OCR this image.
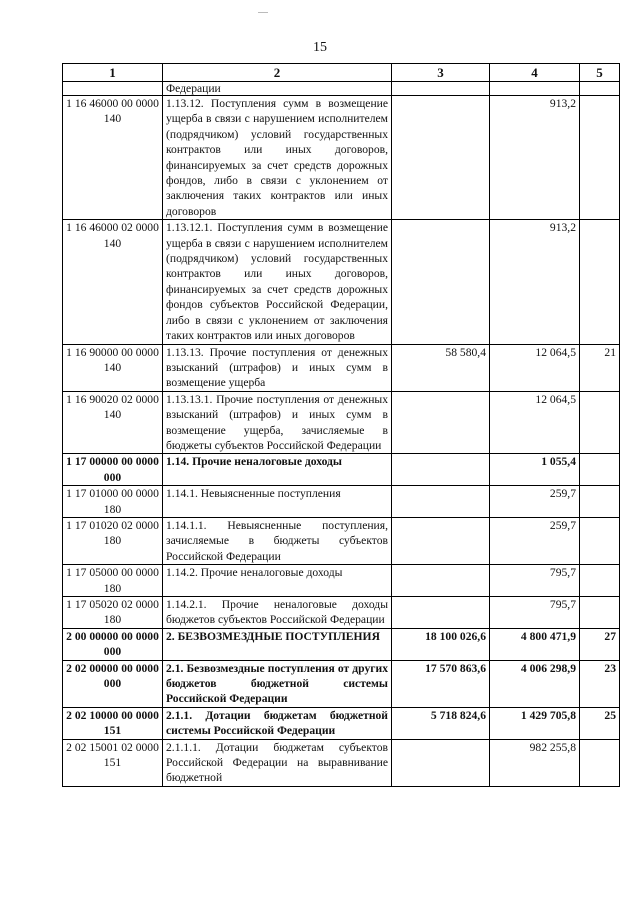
15
1	2	3	4	5
	Федерации			
1 16 46000 00 0000 140	1.13.12. Поступления сумм в возмещение ущерба в связи с нарушением исполнителем (подрядчиком) условий государственных контрактов или иных договоров, финансируемых за счет средств дорожных фондов, либо в связи с уклонением от заключения таких контрактов или иных договоров		913,2	
1 16 46000 02 0000 140	1.13.12.1. Поступления сумм в возмещение ущерба в связи с нарушением исполнителем (подрядчиком) условий государственных контрактов или иных договоров, финансируемых за счет средств дорожных фондов субъектов Российской Федерации, либо в связи с уклонением от заключения таких контрактов или иных договоров		913,2	
1 16 90000 00 0000 140	1.13.13. Прочие поступления от денежных взысканий (штрафов) и иных сумм в возмещение ущерба	58 580,4	12 064,5	21
1 16 90020 02 0000 140	1.13.13.1. Прочие поступления от денежных взысканий (штрафов) и иных сумм в возмещение ущерба, зачисляемые в бюджеты субъектов Российской Федерации		12 064,5	
1 17 00000 00 0000 000	1.14. Прочие неналоговые доходы		1 055,4	
1 17 01000 00 0000 180	1.14.1. Невыясненные поступления		259,7	
1 17 01020 02 0000 180	1.14.1.1. Невыясненные поступления, зачисляемые в бюджеты субъектов Российской Федерации		259,7	
1 17 05000 00 0000 180	1.14.2. Прочие неналоговые доходы		795,7	
1 17 05020 02 0000 180	1.14.2.1. Прочие неналоговые доходы бюджетов субъектов Российской Федерации		795,7	
2 00 00000 00 0000 000	2. БЕЗВОЗМЕЗДНЫЕ ПОСТУПЛЕНИЯ	18 100 026,6	4 800 471,9	27
2 02 00000 00 0000 000	2.1. Безвозмездные поступления от других бюджетов бюджетной системы Российской Федерации	17 570 863,6	4 006 298,9	23
2 02 10000 00 0000 151	2.1.1. Дотации бюджетам бюджетной системы Российской Федерации	5 718 824,6	1 429 705,8	25
2 02 15001 02 0000 151	2.1.1.1. Дотации бюджетам субъектов Российской Федерации на выравнивание бюджетной		982 255,8	
